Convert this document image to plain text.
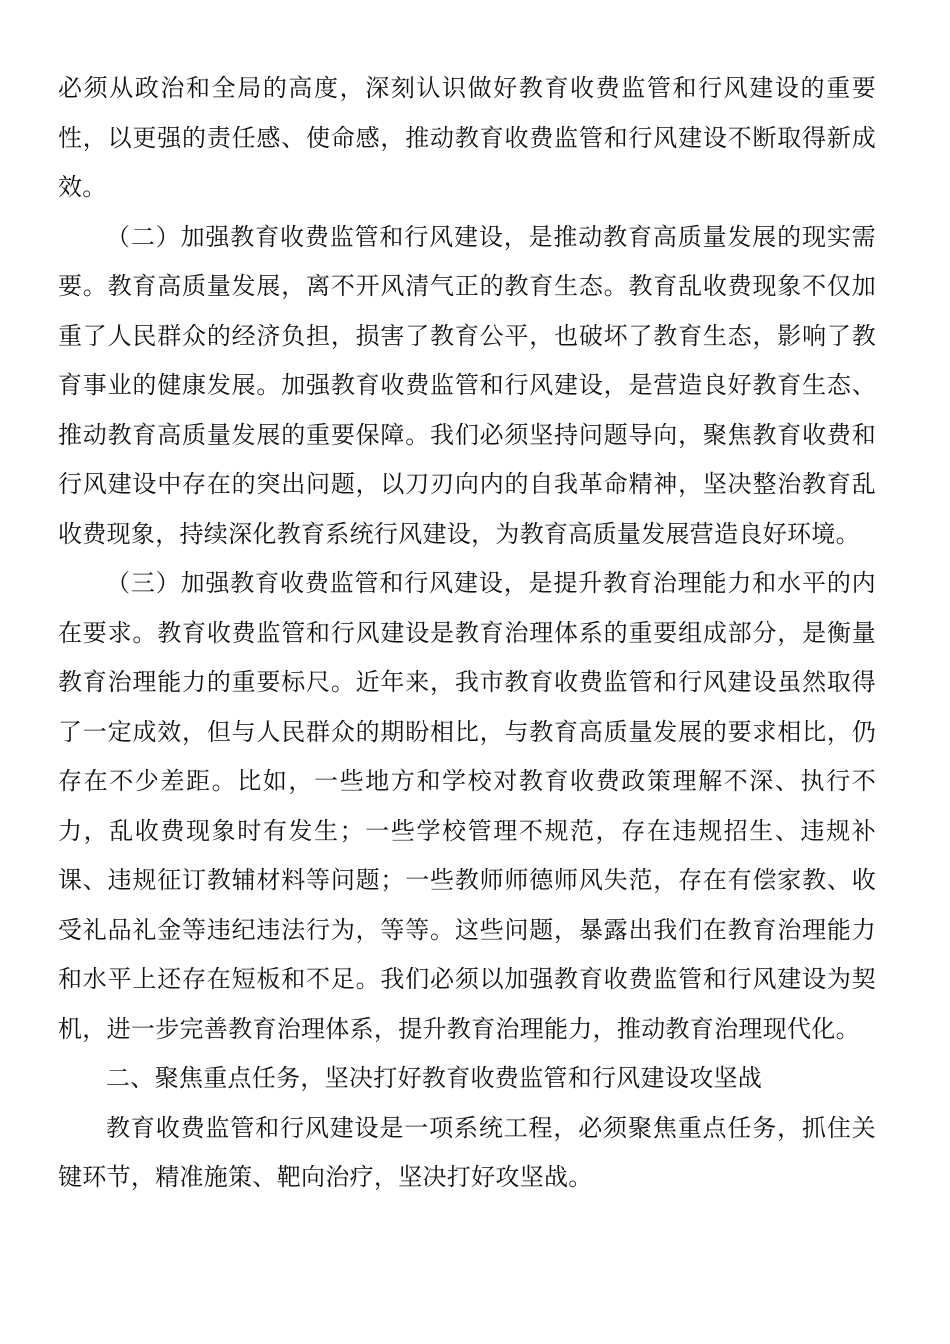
必须从政治和全局的高度，深刻认识做好教育收费监管和行风建设的重要性，以更强的责任感、使命感，推动教育收费监管和行风建设不断取得新成效。

（二）加强教育收费监管和行风建设，是推动教育高质量发展的现实需要。教育高质量发展，离不开风清气正的教育生态。教育乱收费现象不仅加重了人民群众的经济负担，损害了教育公平，也破坏了教育生态，影响了教育事业的健康发展。加强教育收费监管和行风建设，是营造良好教育生态、推动教育高质量发展的重要保障。我们必须坚持问题导向，聚焦教育收费和行风建设中存在的突出问题，以刀刃向内的自我革命精神，坚决整治教育乱收费现象，持续深化教育系统行风建设，为教育高质量发展营造良好环境。

（三）加强教育收费监管和行风建设，是提升教育治理能力和水平的内在要求。教育收费监管和行风建设是教育治理体系的重要组成部分，是衡量教育治理能力的重要标尺。近年来，我市教育收费监管和行风建设虽然取得了一定成效，但与人民群众的期盼相比，与教育高质量发展的要求相比，仍存在不少差距。比如，一些地方和学校对教育收费政策理解不深、执行不力，乱收费现象时有发生；一些学校管理不规范，存在违规招生、违规补课、违规征订教辅材料等问题；一些教师师德师风失范，存在有偿家教、收受礼品礼金等违纪违法行为，等等。这些问题，暴露出我们在教育治理能力和水平上还存在短板和不足。我们必须以加强教育收费监管和行风建设为契机，进一步完善教育治理体系，提升教育治理能力，推动教育治理现代化。

二、聚焦重点任务，坚决打好教育收费监管和行风建设攻坚战

教育收费监管和行风建设是一项系统工程，必须聚焦重点任务，抓住关键环节，精准施策、靶向治疗，坚决打好攻坚战。
